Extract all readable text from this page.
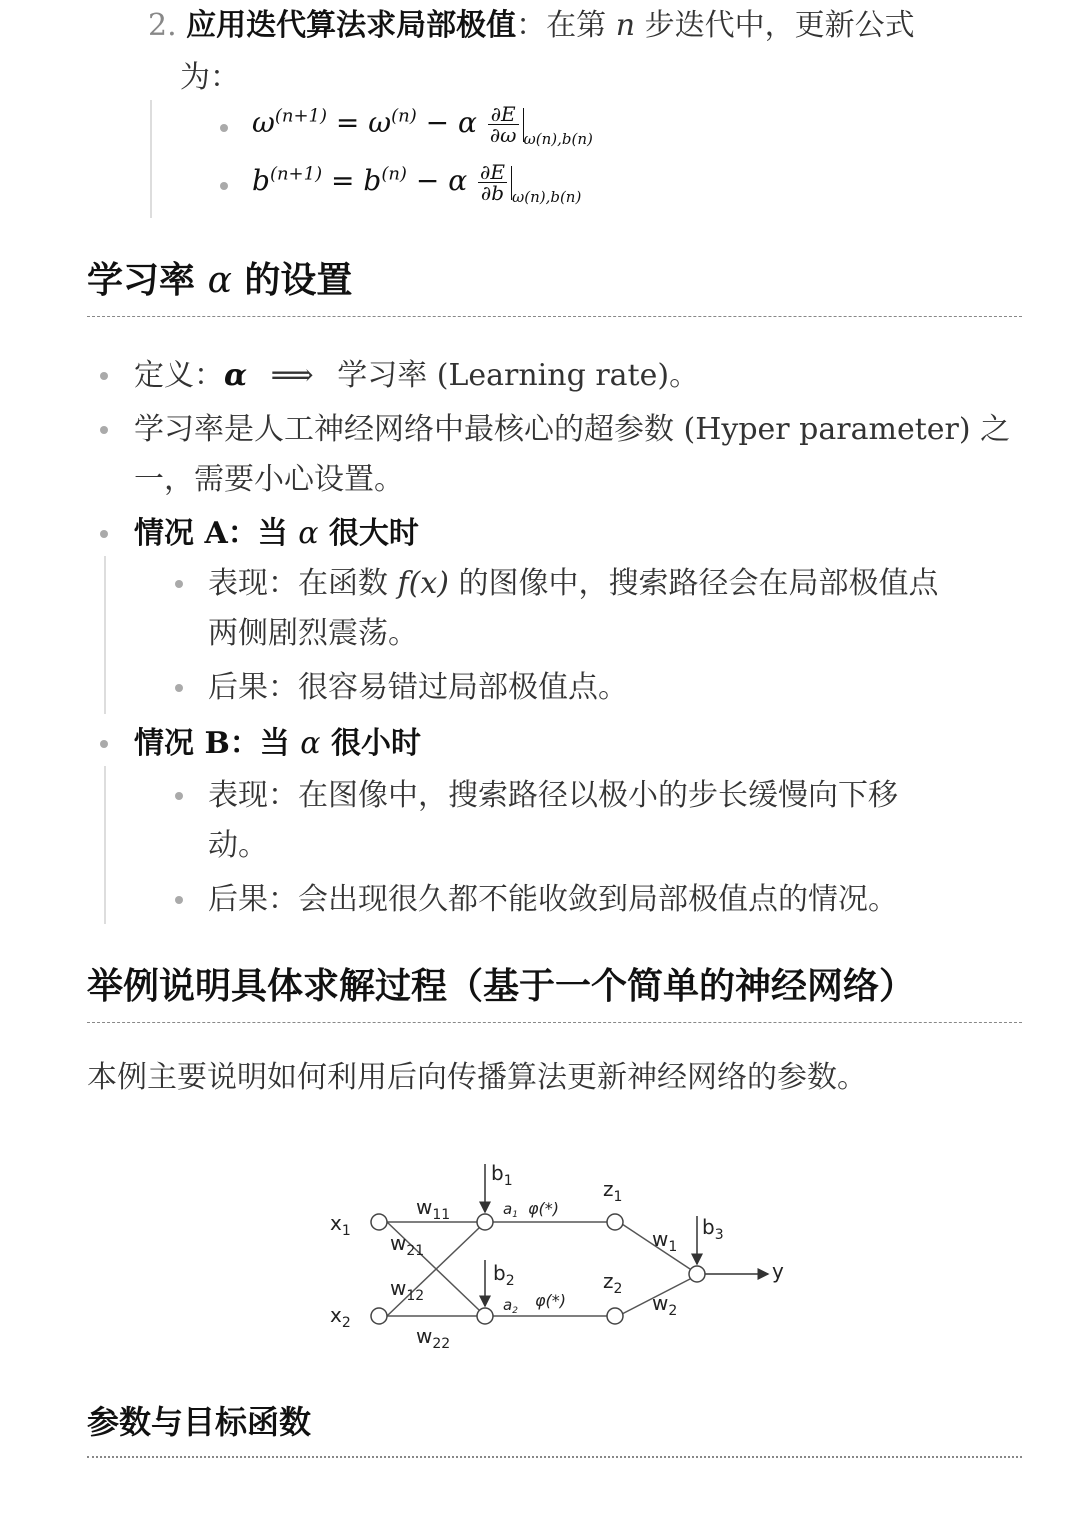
2. 应用迭代算法求局部极值：在第 n 步迭代中，更新公式
为：
$\omega^{(n+1)} = \omega^{(n)} - \alpha \frac{\partial E}{\partial\omega} _{\omega(n),b(n)}$
$b^{(n+1)} = b^{(n)} - \alpha \frac{\partial E}{\partial b} _{\omega(n),b(n)}$
学习率 α 的设置
定义：α ⟹ 学习率 (Learning rate)。
学习率是人工神经网络中最核心的超参数 (Hyper parameter) 之
一，需要小心设置。
情况 A：当 α 很大时
表现：在函数 f(x) 的图像中，搜索路径会在局部极值点
两侧剧烈震荡。
后果：很容易错过局部极值点。
情况 B：当 α 很小时
表现：在图像中，搜索路径以极小的步长缓慢向下移
动。
后果：会出现很久都不能收敛到局部极值点的情况。
举例说明具体求解过程（基于一个简单的神经网络）
本例主要说明如何利用后向传播算法更新神经网络的参数。
$x_1$
$x_2$
$w_{11}$
$w_{21}$
$w_{12}$
$w_{22}$
$b_1$
$b_2$
$b_3$
$a_1$
$a_2$
φ(*)
φ(*)
$z_1$
$z_2$
$w_1$
$w_2$
y
参数与目标函数
